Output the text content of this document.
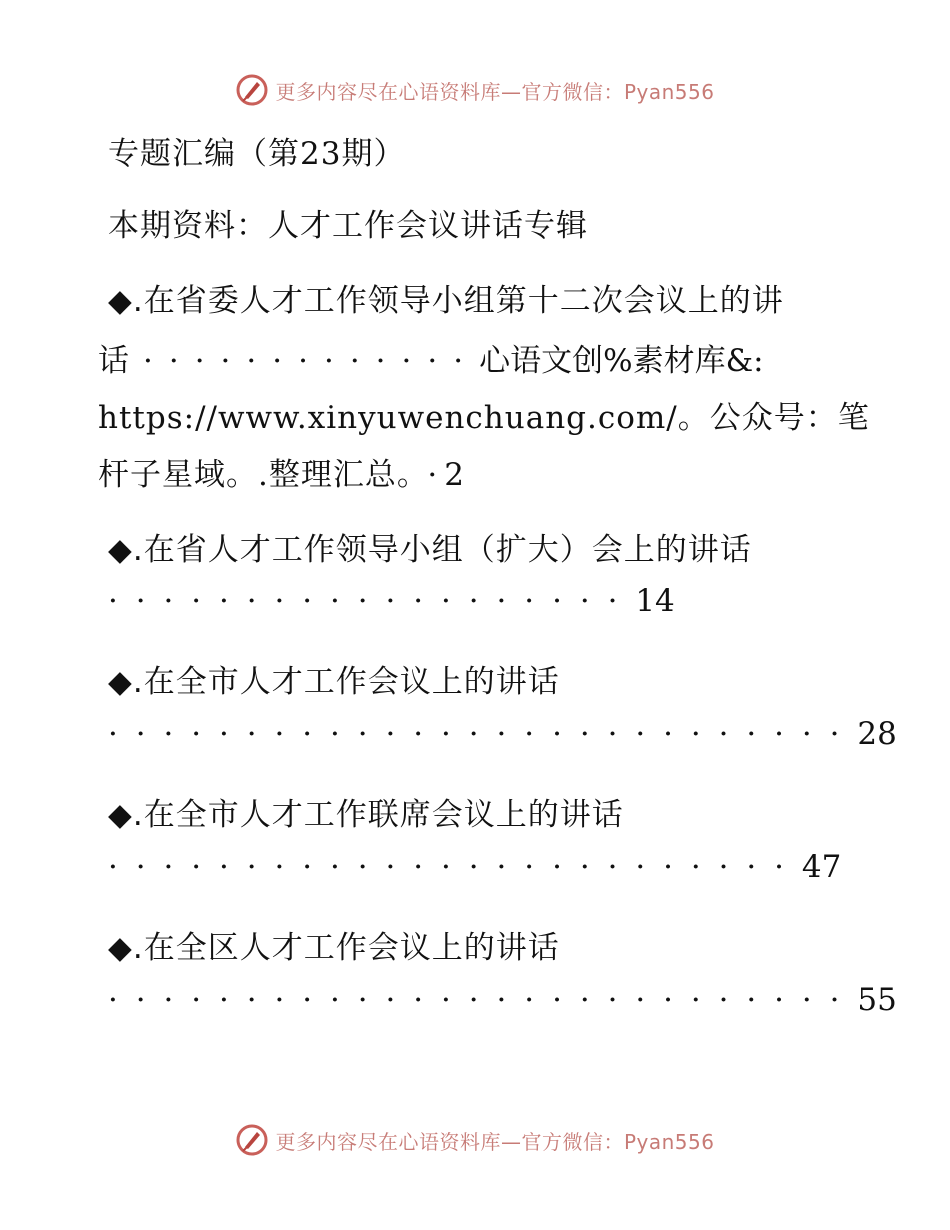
更多内容尽在心语资料库—官方微信：Pyan556
专题汇编（第23期）
本期资料：人才工作会议讲话专辑
◆.在省委人才工作领导小组第十二次会议上的讲
话 ·············心语文创%素材库&:
https://www.xinyuwenchuang.com/。公众号：笔
杆子星域。.整理汇总。 · 2
◆.在省人才工作领导小组（扩大）会上的讲话
···················14
◆.在全市人才工作会议上的讲话
···························28
◆.在全市人才工作联席会议上的讲话
·························47
◆.在全区人才工作会议上的讲话
···························55
更多内容尽在心语资料库—官方微信：Pyan556
